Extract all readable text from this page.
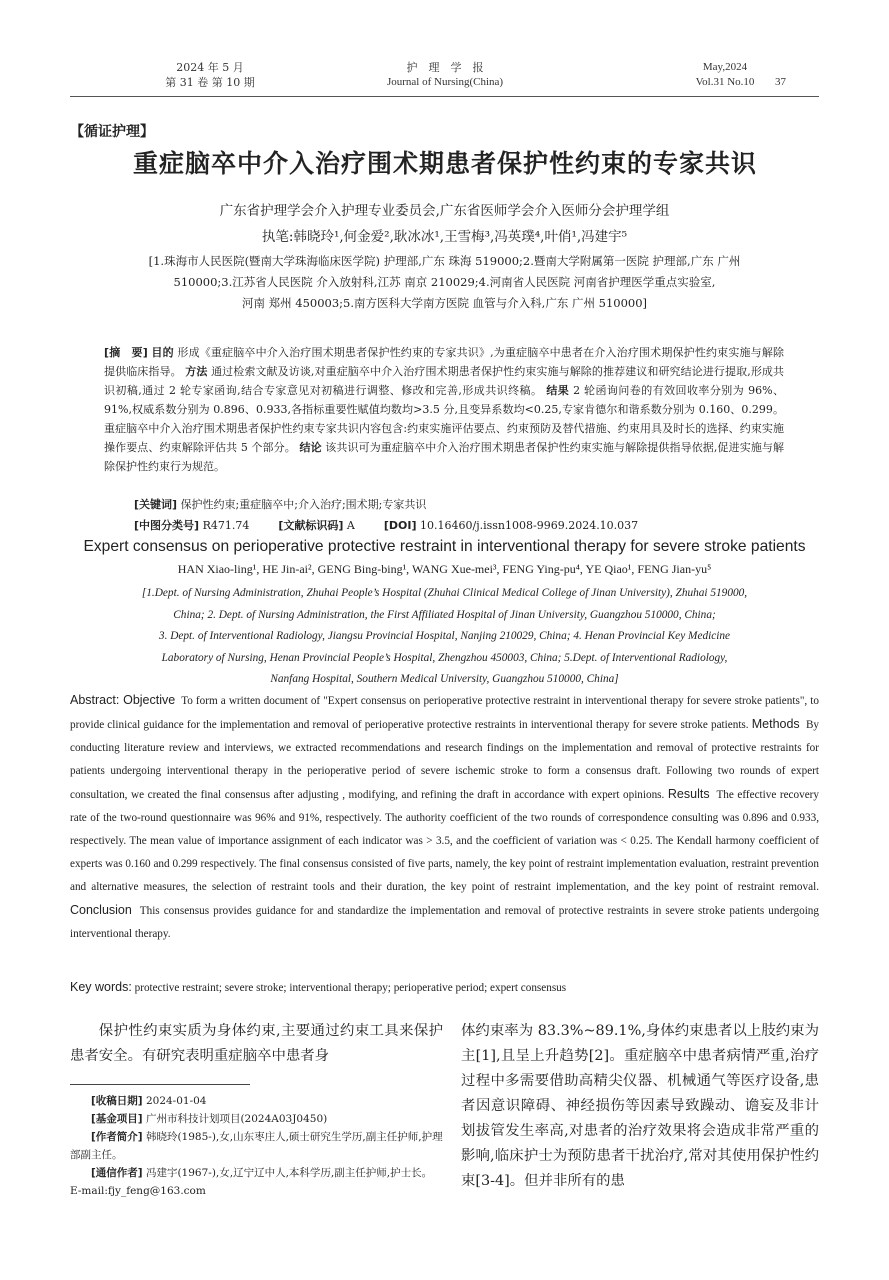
2024 年 5 月
第 31 卷 第 10 期
护　理　学　报
Journal of Nursing(China)
May,2024
Vol.31 No.10	37
【循证护理】
重症脑卒中介入治疗围术期患者保护性约束的专家共识
广东省护理学会介入护理专业委员会,广东省医师学会介入医师分会护理学组
执笔:韩晓玲¹,何金爱²,耿冰冰¹,王雪梅³,冯英璞⁴,叶俏¹,冯建宇⁵
[1.珠海市人民医院(暨南大学珠海临床医学院) 护理部,广东 珠海 519000;2.暨南大学附属第一医院 护理部,广东 广州
510000;3.江苏省人民医院 介入放射科,江苏 南京 210029;4.河南省人民医院 河南省护理医学重点实验室,
河南 郑州 450003;5.南方医科大学南方医院 血管与介入科,广东 广州 510000]
[摘　要] 目的 形成《重症脑卒中介入治疗围术期患者保护性约束的专家共识》,为重症脑卒中患者在介入治疗围术期保护性约束实施与解除提供临床指导。 方法 通过检索文献及访谈,对重症脑卒中介入治疗围术期患者保护性约束实施与解除的推荐建议和研究结论进行提取,形成共识初稿,通过 2 轮专家函询,结合专家意见对初稿进行调整、修改和完善,形成共识终稿。 结果 2 轮函询问卷的有效回收率分别为 96%、91%,权威系数分别为 0.896、0.933,各指标重要性赋值均数均>3.5 分,且变异系数均<0.25,专家肯德尔和谐系数分别为 0.160、0.299。重症脑卒中介入治疗围术期患者保护性约束专家共识内容包含:约束实施评估要点、约束预防及替代措施、约束用具及时长的选择、约束实施操作要点、约束解除评估共 5 个部分。 结论 该共识可为重症脑卒中介入治疗围术期患者保护性约束实施与解除提供指导依据,促进实施与解除保护性约束行为规范。
[关键词] 保护性约束;重症脑卒中;介入治疗;围术期;专家共识
[中图分类号] R471.74	[文献标识码] A	[DOI] 10.16460/j.issn1008-9969.2024.10.037
Expert consensus on perioperative protective restraint in interventional therapy for severe stroke patients
HAN Xiao-ling¹, HE Jin-ai², GENG Bing-bing¹, WANG Xue-mei³, FENG Ying-pu⁴, YE Qiao¹, FENG Jian-yu⁵
[1.Dept. of Nursing Administration, Zhuhai People’s Hospital (Zhuhai Clinical Medical College of Jinan University), Zhuhai 519000,
China; 2. Dept. of Nursing Administration, the First Affiliated Hospital of Jinan University, Guangzhou 510000, China;
3. Dept. of Interventional Radiology, Jiangsu Provincial Hospital, Nanjing 210029, China; 4. Henan Provincial Key Medicine
Laboratory of Nursing, Henan Provincial People’s Hospital, Zhengzhou 450003, China; 5.Dept. of Interventional Radiology,
Nanfang Hospital, Southern Medical University, Guangzhou 510000, China]
Abstract: Objective To form a written document of "Expert consensus on perioperative protective restraint in interventional therapy for severe stroke patients", to provide clinical guidance for the implementation and removal of perioperative protective restraints in interventional therapy for severe stroke patients. Methods By conducting literature review and interviews, we extracted recommendations and research findings on the implementation and removal of protective restraints for patients undergoing interventional therapy in the perioperative period of severe ischemic stroke to form a consensus draft. Following two rounds of expert consultation, we created the final consensus after adjusting , modifying, and refining the draft in accordance with expert opinions. Results The effective recovery rate of the two-round questionnaire was 96% and 91%, respectively. The authority coefficient of the two rounds of correspondence consulting was 0.896 and 0.933, respectively. The mean value of importance assignment of each indicator was > 3.5, and the coefficient of variation was < 0.25. The Kendall harmony coefficient of experts was 0.160 and 0.299 respectively. The final consensus consisted of five parts, namely, the key point of restraint implementation evaluation, restraint prevention and alternative measures, the selection of restraint tools and their duration, the key point of restraint implementation, and the key point of restraint removal. Conclusion This consensus provides guidance for and standardize the implementation and removal of protective restraints in severe stroke patients undergoing interventional therapy.
Key words: protective restraint; severe stroke; interventional therapy; perioperative period; expert consensus
保护性约束实质为身体约束,主要通过约束工具来保护患者安全。有研究表明重症脑卒中患者身
[收稿日期] 2024-01-04
[基金项目] 广州市科技计划项目(2024A03J0450)
[作者简介] 韩晓玲(1985-),女,山东枣庄人,硕士研究生学历,副主任护师,护理部副主任。
[通信作者] 冯建宇(1967-),女,辽宁辽中人,本科学历,副主任护师,护士长。E-mail:fjy_feng@163.com
体约束率为 83.3%~89.1%,身体约束患者以上肢约束为主[1],且呈上升趋势[2]。重症脑卒中患者病情严重,治疗过程中多需要借助高精尖仪器、机械通气等医疗设备,患者因意识障碍、神经损伤等因素导致躁动、谵妄及非计划拔管发生率高,对患者的治疗效果将会造成非常严重的影响,临床护士为预防患者干扰治疗,常对其使用保护性约束[3-4]。但并非所有的患
